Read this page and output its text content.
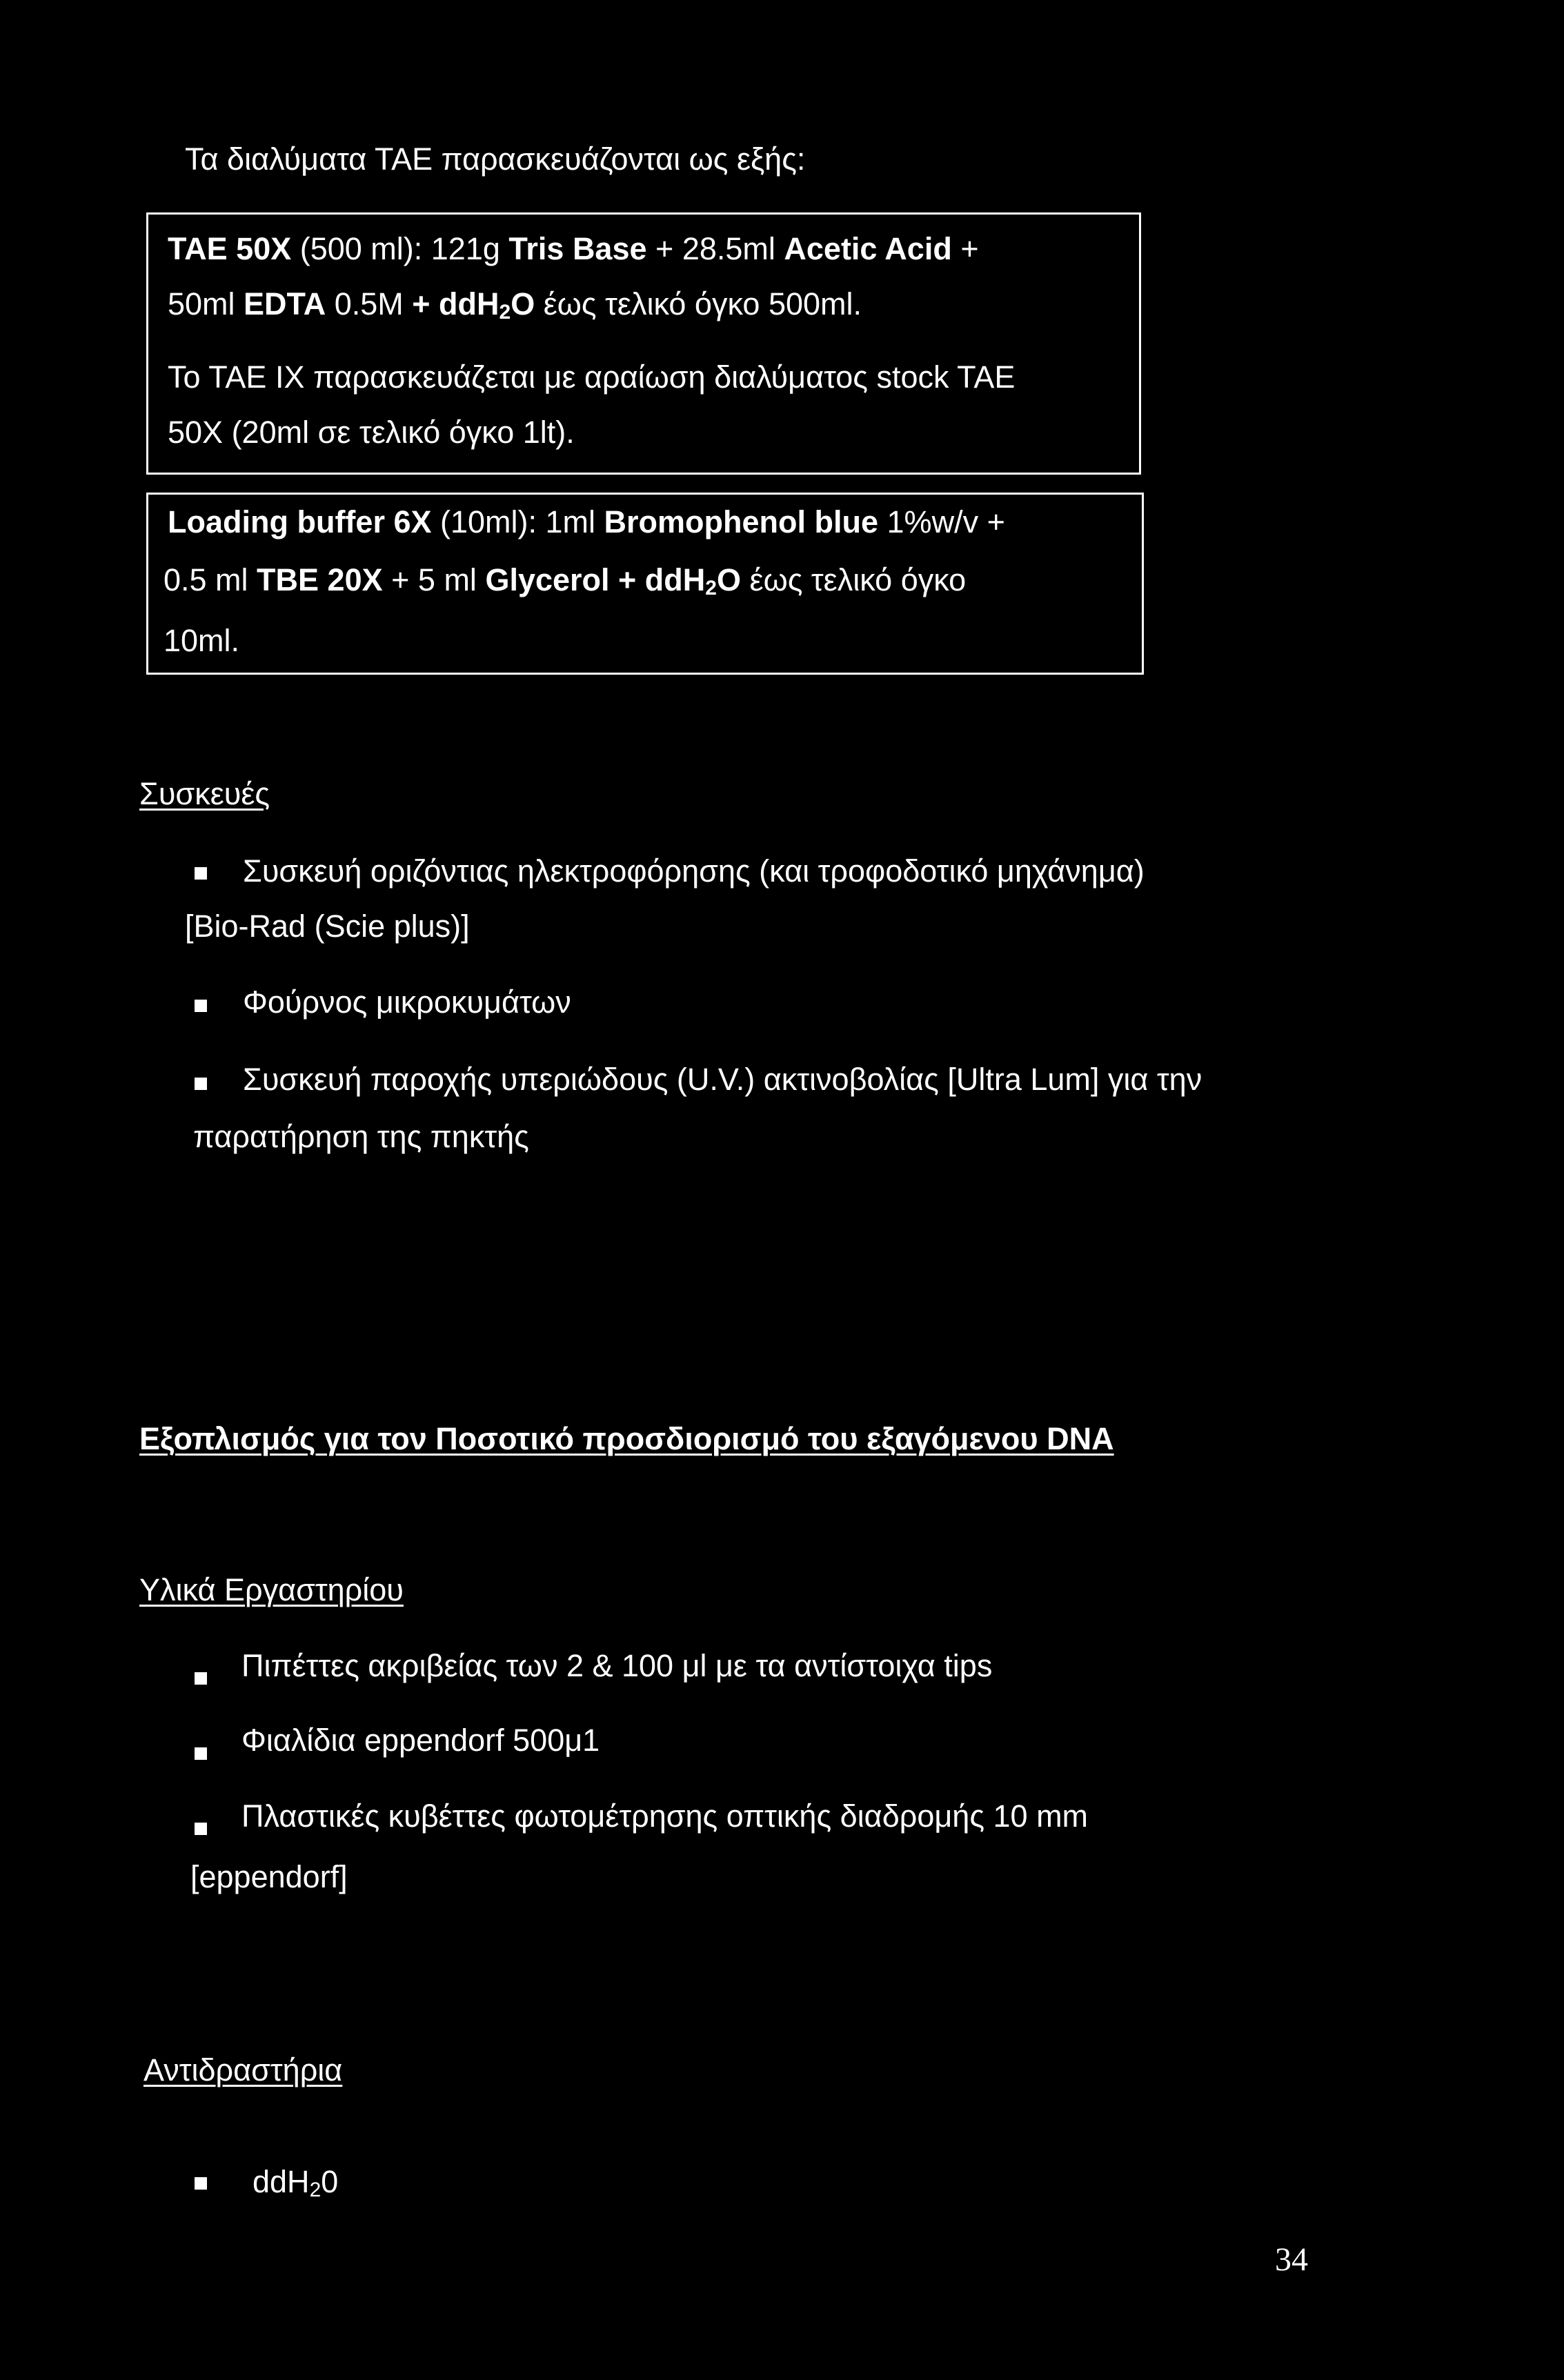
Τα διαλύματα ΤΑΕ παρασκευάζονται ως εξής:
TAE 50X (500 ml): 121g Tris Base + 28.5ml Acetic Acid +
50ml EDTA 0.5M + ddH$_2$O έως τελικό όγκο 500ml.
Το ΤΑΕ IX παρασκευάζεται με αραίωση διαλύματος stock TAE
50X (20ml σε τελικό όγκο 1lt).
Loading buffer 6X (10ml): 1ml Bromophenol blue 1%w/v +
0.5 ml TBE 20X + 5 ml Glycerol + ddH$_2$O έως τελικό όγκο
10ml.
Συσκευές
Συσκευή οριζόντιας ηλεκτροφόρησης (και τροφοδοτικό μηχάνημα)
[Bio-Rad (Scie plus)]
Φούρνος μικροκυμάτων
Συσκευή παροχής υπεριώδους (U.V.) ακτινοβολίας [Ultra Lum] για την
παρατήρηση της πηκτής
Εξοπλισμός για τον Ποσοτικό προσδιορισμό του εξαγόμενου DNA
Υλικά Εργαστηρίου
Πιπέττες ακριβείας των 2 & 100 μl με τα αντίστοιχα tips
Φιαλίδια eppendorf 500μ1
Πλαστικές κυβέττες φωτομέτρησης οπτικής διαδρομής 10 mm
[eppendorf]
Αντιδραστήρια
ddH$_2$0
34
